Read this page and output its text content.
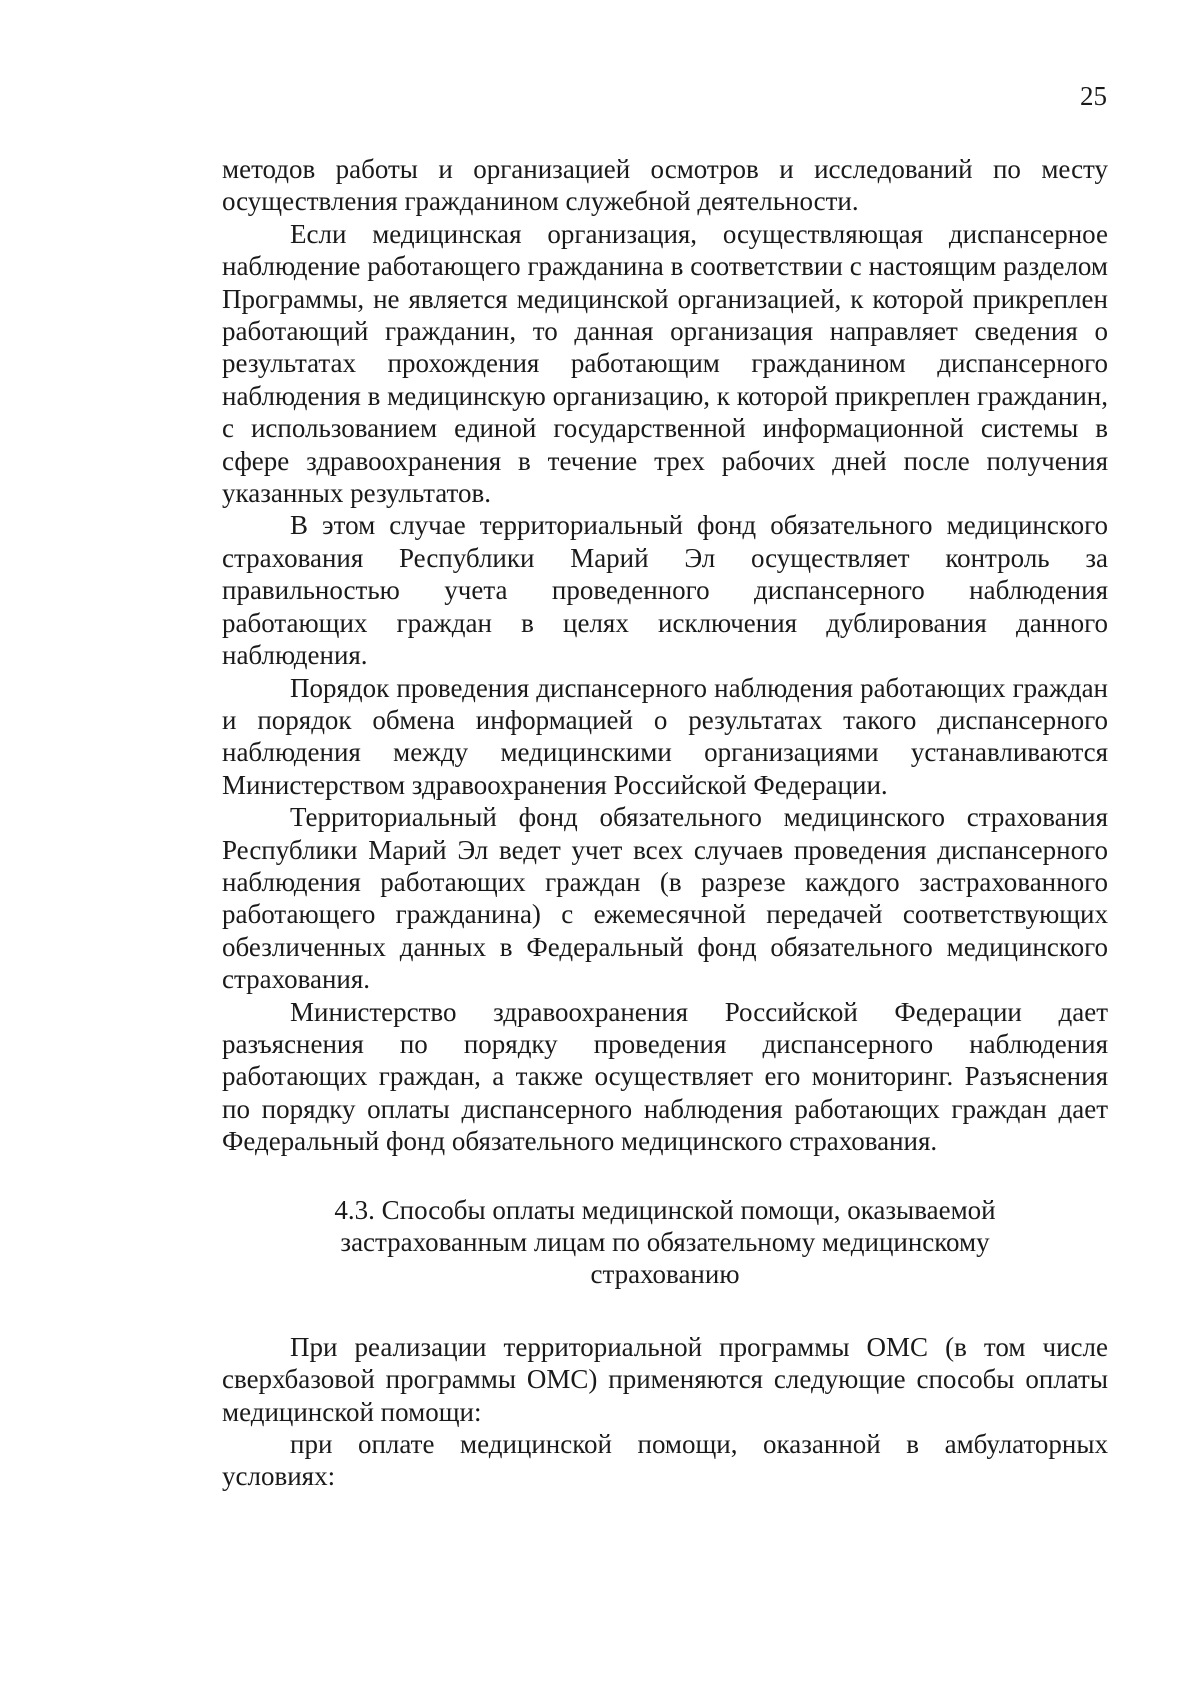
25

методов работы и организацией осмотров и исследований по месту осуществления гражданином служебной деятельности.

Если медицинская организация, осуществляющая диспансерное наблюдение работающего гражданина в соответствии с настоящим разделом Программы, не является медицинской организацией, к которой прикреплен работающий гражданин, то данная организация направляет сведения о результатах прохождения работающим гражданином диспансерного наблюдения в медицинскую организацию, к которой прикреплен гражданин, с использованием единой государственной информационной системы в сфере здравоохранения в течение трех рабочих дней после получения указанных результатов.

В этом случае территориальный фонд обязательного медицинского страхования Республики Марий Эл осуществляет контроль за правильностью учета проведенного диспансерного наблюдения работающих граждан в целях исключения дублирования данного наблюдения.

Порядок проведения диспансерного наблюдения работающих граждан и порядок обмена информацией о результатах такого диспансерного наблюдения между медицинскими организациями устанавливаются Министерством здравоохранения Российской Федерации.

Территориальный фонд обязательного медицинского страхования Республики Марий Эл ведет учет всех случаев проведения диспансерного наблюдения работающих граждан (в разрезе каждого застрахованного работающего гражданина) с ежемесячной передачей соответствующих обезличенных данных в Федеральный фонд обязательного медицинского страхования.

Министерство здравоохранения Российской Федерации дает разъяснения по порядку проведения диспансерного наблюдения работающих граждан, а также осуществляет его мониторинг. Разъяснения по порядку оплаты диспансерного наблюдения работающих граждан дает Федеральный фонд обязательного медицинского страхования.

4.3. Способы оплаты медицинской помощи, оказываемой застрахованным лицам по обязательному медицинскому страхованию

При реализации территориальной программы ОМС (в том числе сверхбазовой программы ОМС) применяются следующие способы оплаты медицинской помощи:

при оплате медицинской помощи, оказанной в амбулаторных условиях:
